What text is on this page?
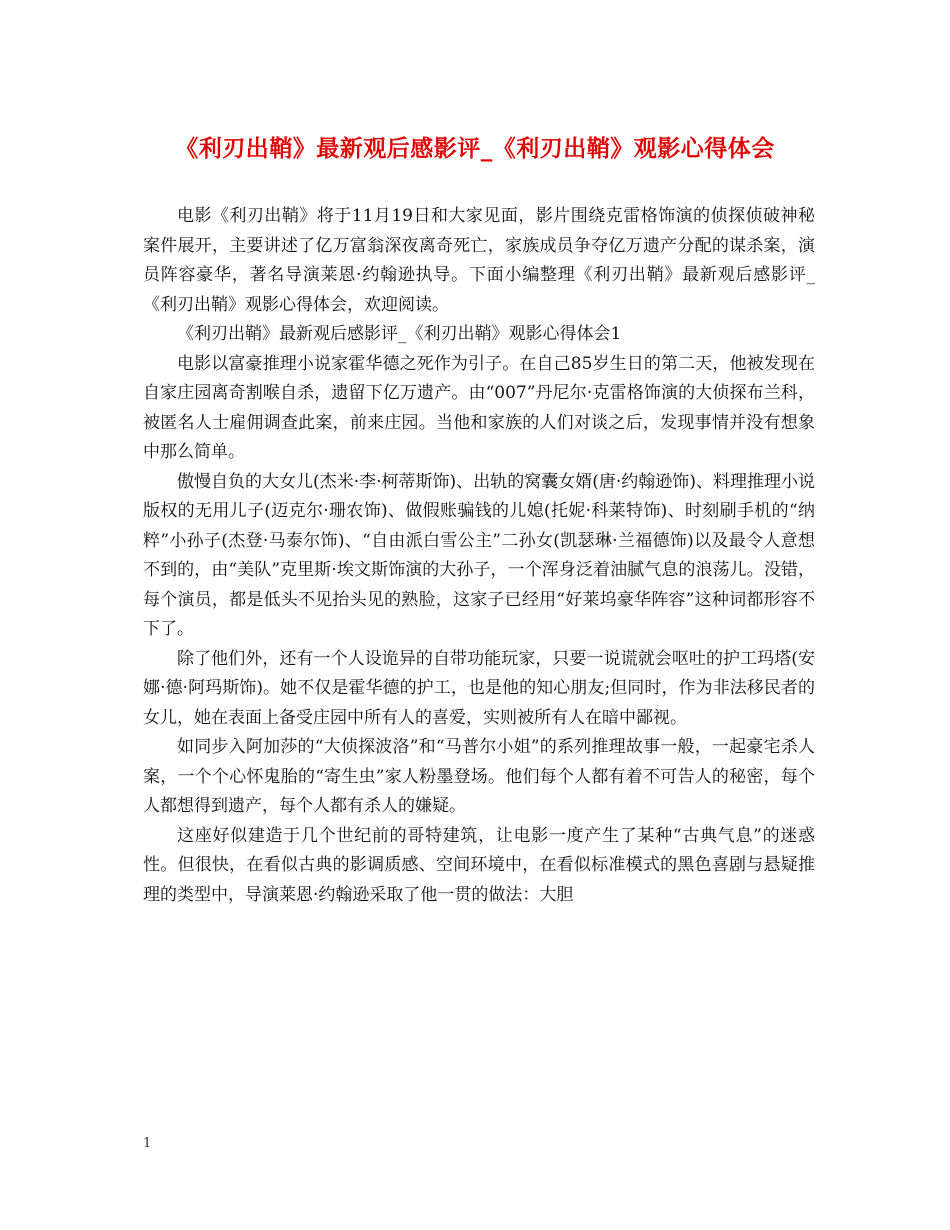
《利刃出鞘》最新观后感影评_《利刃出鞘》观影心得体会

电影《利刃出鞘》将于11月19日和大家见面，影片围绕克雷格饰演的侦探侦破神秘案件展开，主要讲述了亿万富翁深夜离奇死亡，家族成员争夺亿万遗产分配的谋杀案，演员阵容豪华，著名导演莱恩·约翰逊执导。下面小编整理《利刃出鞘》最新观后感影评_《利刃出鞘》观影心得体会，欢迎阅读。

《利刃出鞘》最新观后感影评_《利刃出鞘》观影心得体会1

电影以富豪推理小说家霍华德之死作为引子。在自己85岁生日的第二天，他被发现在自家庄园离奇割喉自杀，遗留下亿万遗产。由“007”丹尼尔·克雷格饰演的大侦探布兰科，被匿名人士雇佣调查此案，前来庄园。当他和家族的人们对谈之后，发现事情并没有想象中那么简单。

傲慢自负的大女儿(杰米·李·柯蒂斯饰)、出轨的窝囊女婿(唐·约翰逊饰)、料理推理小说版权的无用儿子(迈克尔·珊农饰)、做假账骗钱的儿媳(托妮·科莱特饰)、时刻刷手机的“纳粹”小孙子(杰登·马泰尔饰)、“自由派白雪公主”二孙女(凯瑟琳·兰福德饰)以及最令人意想不到的，由“美队”克里斯·埃文斯饰演的大孙子，一个浑身泛着油腻气息的浪荡儿。没错，每个演员，都是低头不见抬头见的熟脸，这家子已经用“好莱坞豪华阵容”这种词都形容不下了。

除了他们外，还有一个人设诡异的自带功能玩家，只要一说谎就会呕吐的护工玛塔(安娜·德·阿玛斯饰)。她不仅是霍华德的护工，也是他的知心朋友;但同时，作为非法移民者的女儿，她在表面上备受庄园中所有人的喜爱，实则被所有人在暗中鄙视。

如同步入阿加莎的“大侦探波洛”和“马普尔小姐”的系列推理故事一般，一起豪宅杀人案，一个个心怀鬼胎的“寄生虫”家人粉墨登场。他们每个人都有着不可告人的秘密，每个人都想得到遗产，每个人都有杀人的嫌疑。

这座好似建造于几个世纪前的哥特建筑，让电影一度产生了某种“古典气息”的迷惑性。但很快，在看似古典的影调质感、空间环境中，在看似标准模式的黑色喜剧与悬疑推理的类型中，导演莱恩·约翰逊采取了他一贯的做法：大胆

1
